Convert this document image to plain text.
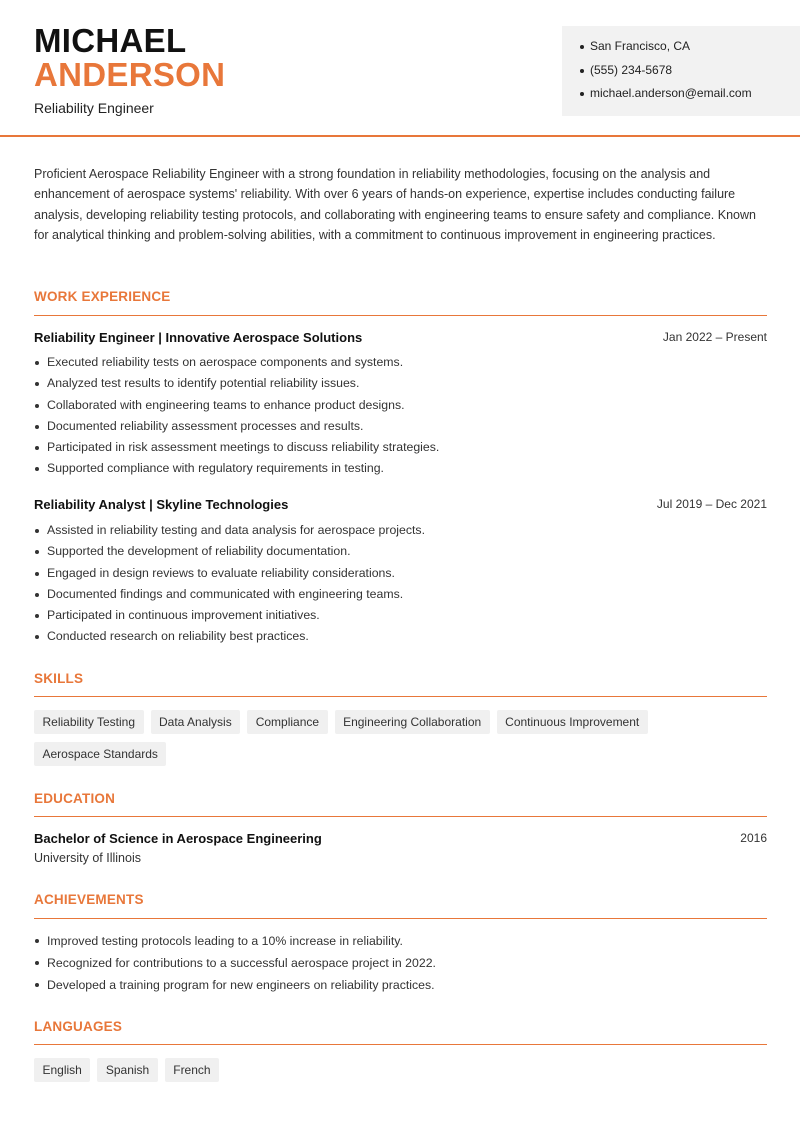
MICHAEL
ANDERSON
Reliability Engineer
San Francisco, CA
(555) 234-5678
michael.anderson@email.com
Proficient Aerospace Reliability Engineer with a strong foundation in reliability methodologies, focusing on the analysis and enhancement of aerospace systems' reliability. With over 6 years of hands-on experience, expertise includes conducting failure analysis, developing reliability testing protocols, and collaborating with engineering teams to ensure safety and compliance. Known for analytical thinking and problem-solving abilities, with a commitment to continuous improvement in engineering practices.
WORK EXPERIENCE
Reliability Engineer | Innovative Aerospace Solutions	Jan 2022 – Present
Executed reliability tests on aerospace components and systems.
Analyzed test results to identify potential reliability issues.
Collaborated with engineering teams to enhance product designs.
Documented reliability assessment processes and results.
Participated in risk assessment meetings to discuss reliability strategies.
Supported compliance with regulatory requirements in testing.
Reliability Analyst | Skyline Technologies	Jul 2019 – Dec 2021
Assisted in reliability testing and data analysis for aerospace projects.
Supported the development of reliability documentation.
Engaged in design reviews to evaluate reliability considerations.
Documented findings and communicated with engineering teams.
Participated in continuous improvement initiatives.
Conducted research on reliability best practices.
SKILLS
Reliability Testing	Data Analysis	Compliance	Engineering Collaboration	Continuous Improvement
Aerospace Standards
EDUCATION
Bachelor of Science in Aerospace Engineering	2016
University of Illinois
ACHIEVEMENTS
Improved testing protocols leading to a 10% increase in reliability.
Recognized for contributions to a successful aerospace project in 2022.
Developed a training program for new engineers on reliability practices.
LANGUAGES
English	Spanish	French
